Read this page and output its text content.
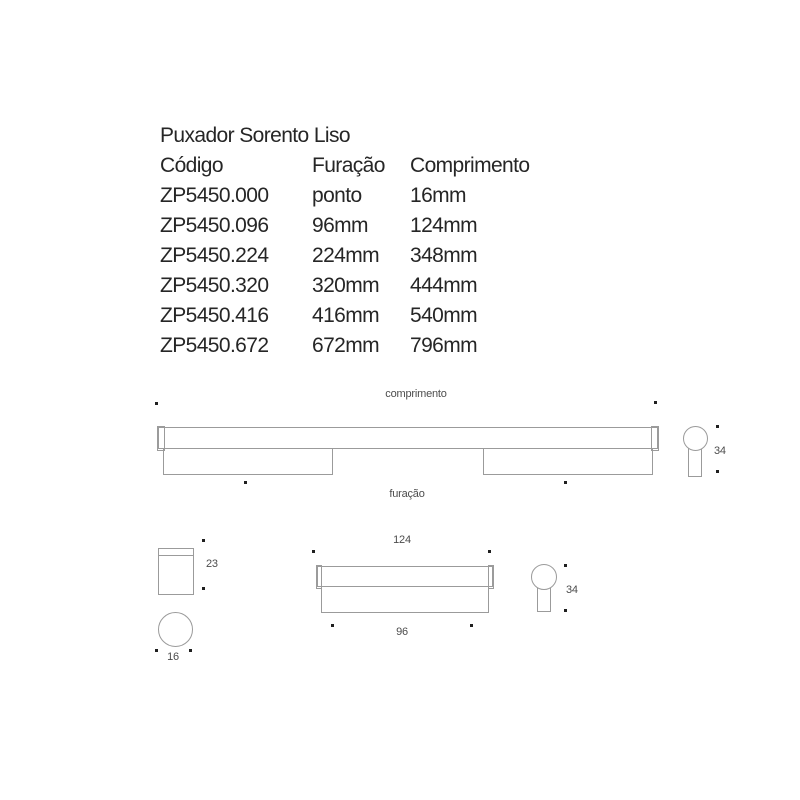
Puxador Sorento Liso
Código	Furação	Comprimento
ZP5450.000	ponto	16mm
ZP5450.096	96mm	124mm
ZP5450.224	224mm	348mm
ZP5450.320	320mm	444mm
ZP5450.416	416mm	540mm
ZP5450.672	672mm	796mm
comprimento
furação
34
23
16
124
96
34
